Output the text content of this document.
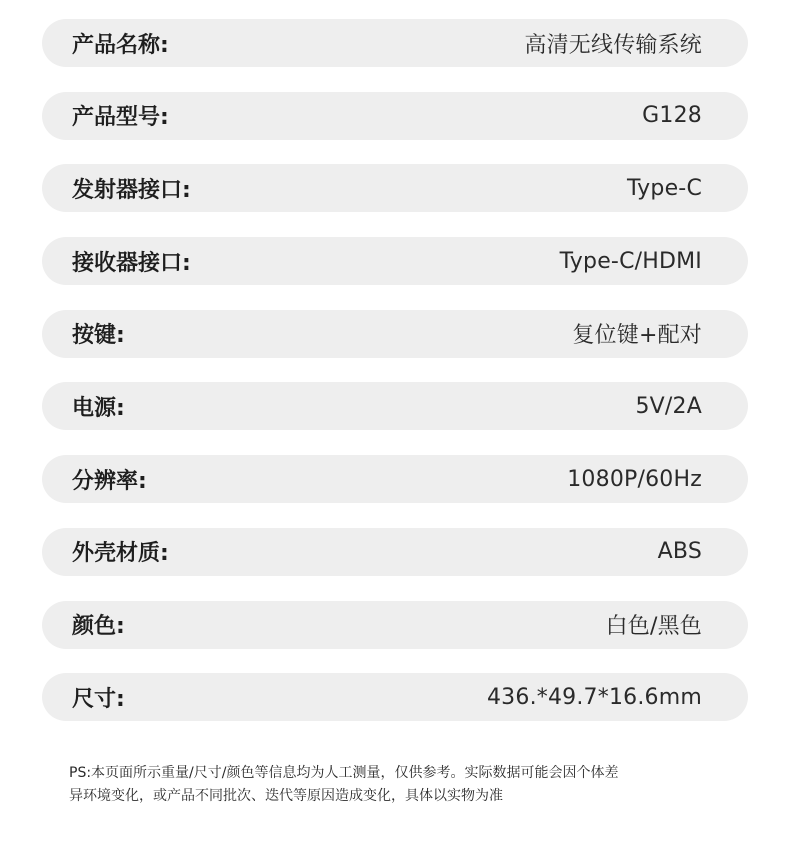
产品名称:	高清无线传输系统
产品型号:	G128
发射器接口:	Type-C
接收器接口:	Type-C/HDMI
按键:	复位键+配对
电源:	5V/2A
分辨率:	1080P/60Hz
外壳材质:	ABS
颜色:	白色/黑色
尺寸:	436.*49.7*16.6mm

PS:本页面所示重量/尺寸/颜色等信息均为人工测量，仅供参考。实际数据可能会因个体差

异环境变化，或产品不同批次、迭代等原因造成变化，具体以实物为准
